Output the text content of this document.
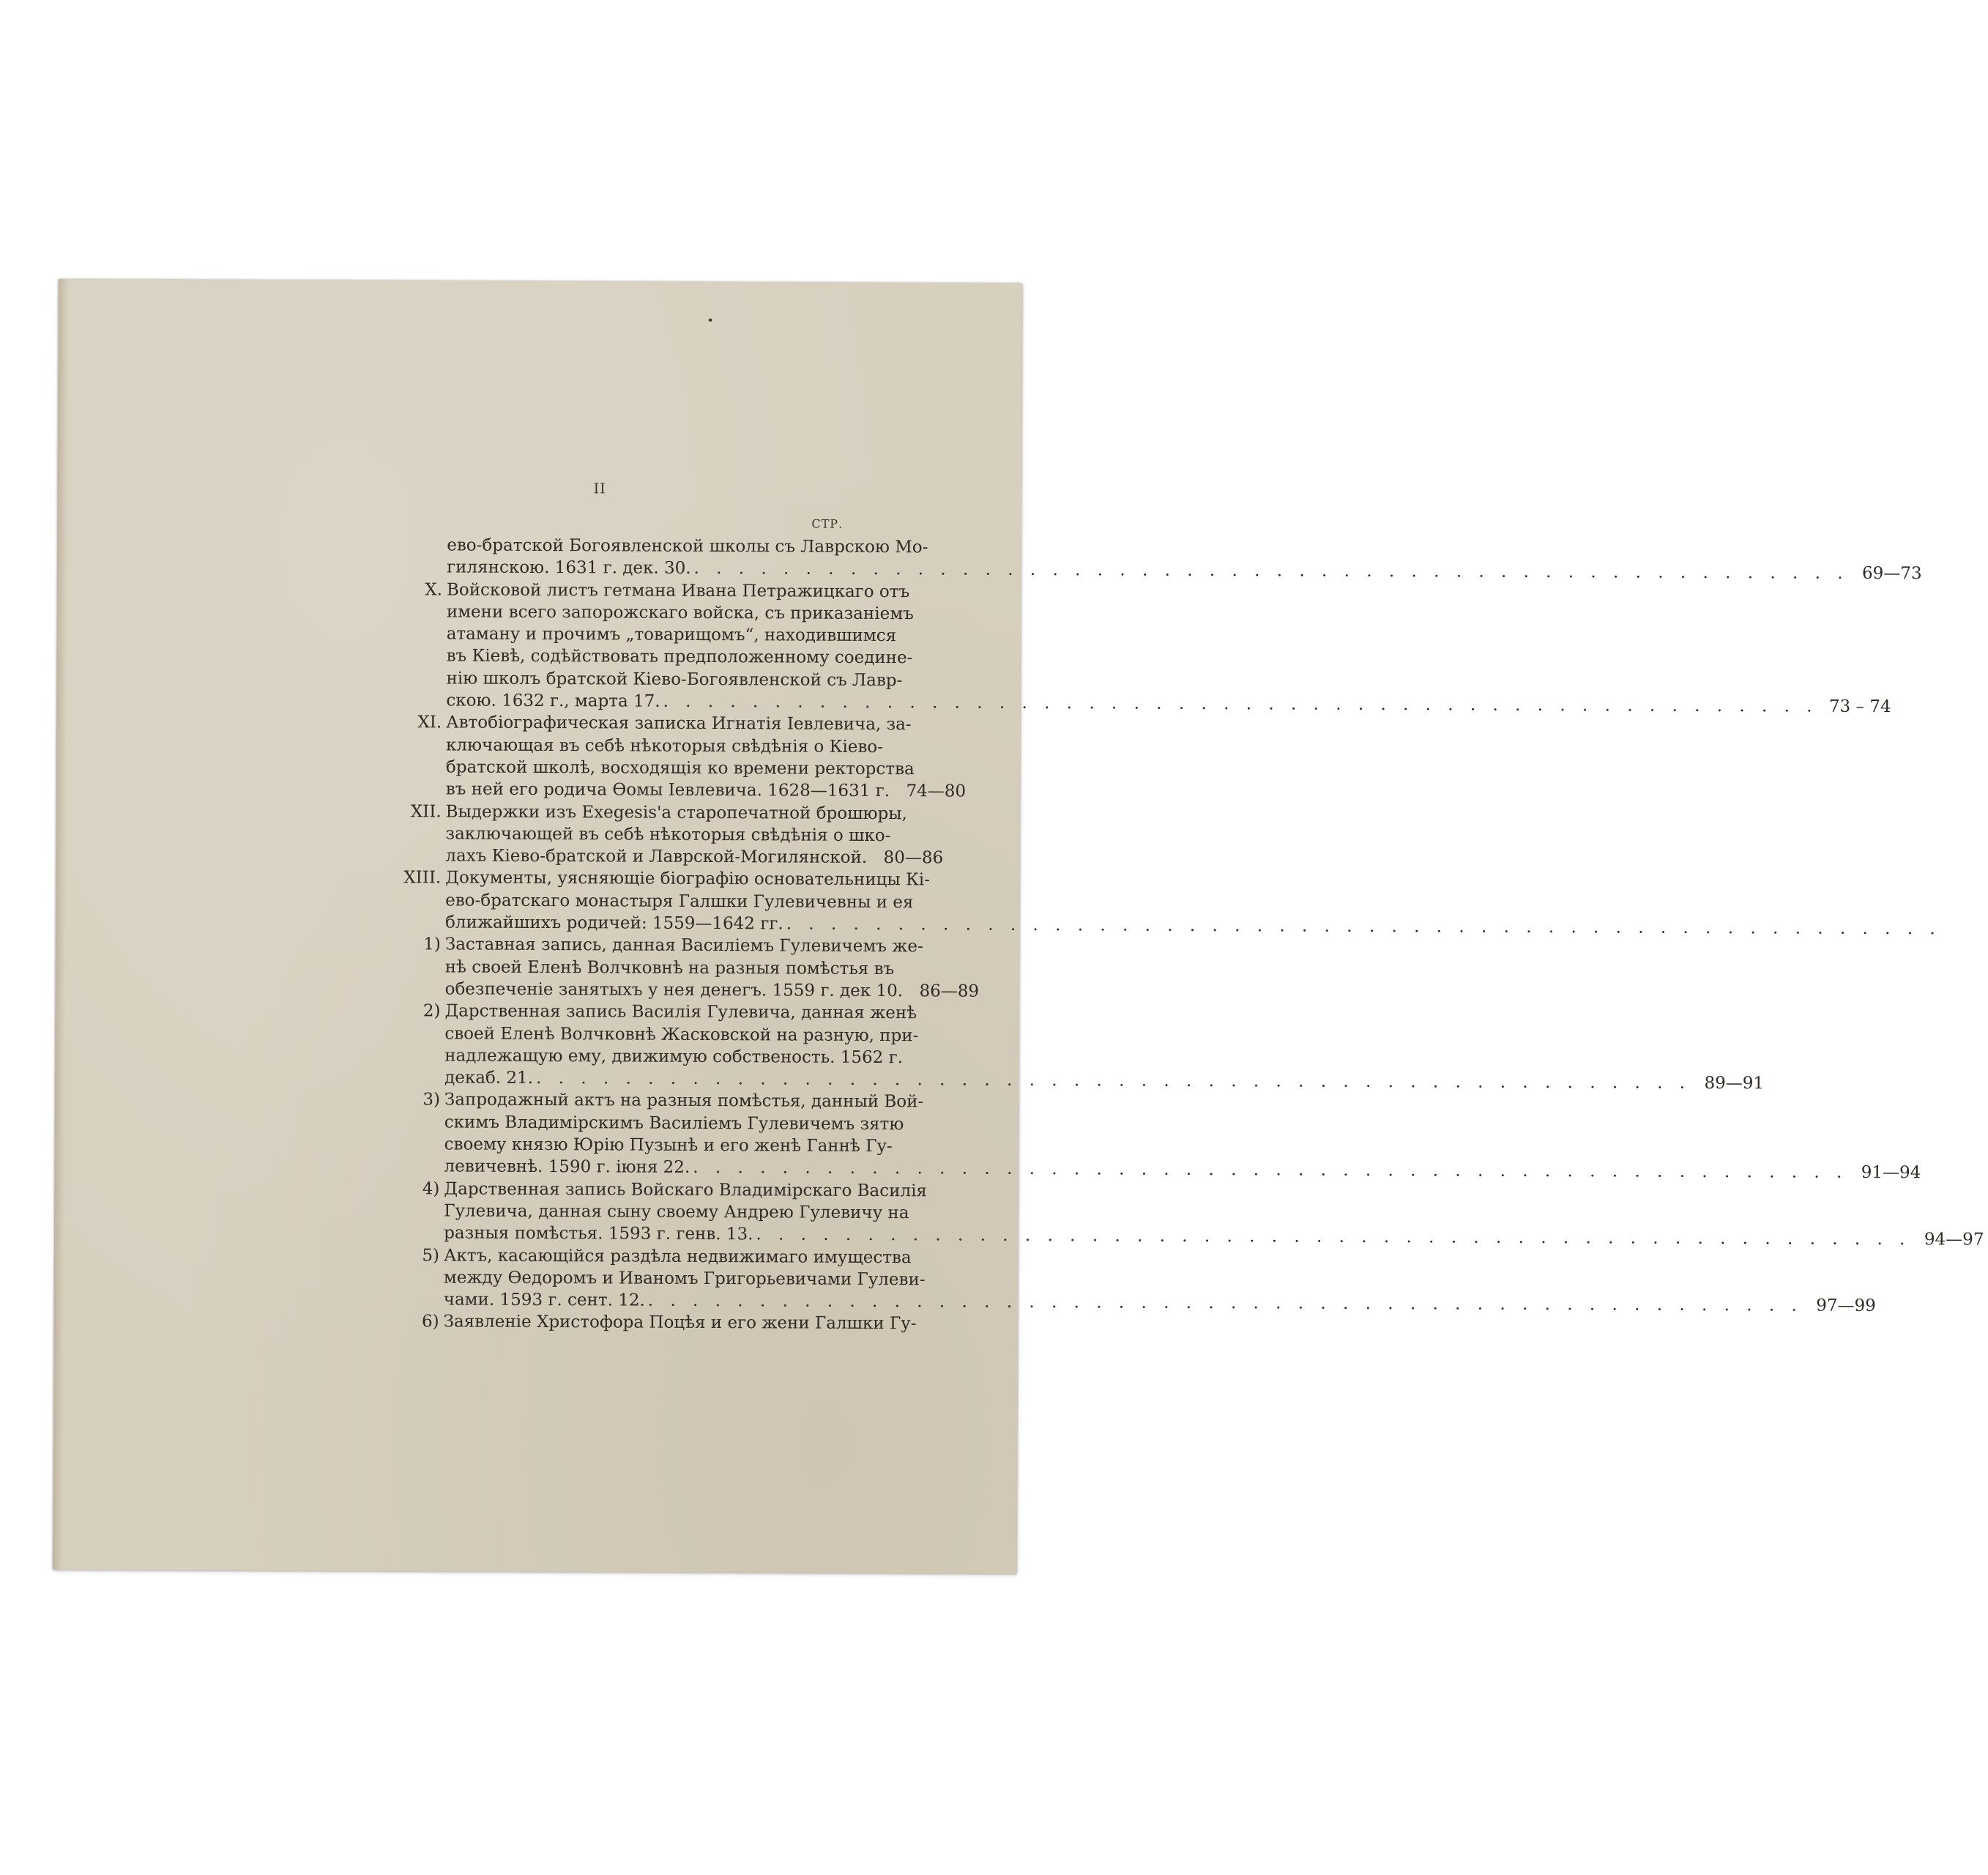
II
СТР.
ево-братской Богоявленской школы съ Лаврскою Мо-
гилянскою. 1631 г. дек. 30. . . .	69—73
X. Войсковой листъ гетмана Ивана Петражицкаго отъ
имени всего запорожскаго войска, съ приказаніемъ
атаману и прочимъ „товарищомъ“, находившимся
въ Кіевѣ, содѣйствовать предположенному соедине-
нію школъ братской Кіево-Богоявленской съ Лавр-
скою. 1632 г., марта 17. . . .	73 – 74
XI. Автобіографическая записка Игнатія Іевлевича, за-
ключающая въ себѣ нѣкоторыя свѣдѣнія о Кіево-
братской школѣ, восходящія ко времени ректорства
въ ней его родича Ѳомы Іевлевича. 1628—1631 г. . . . 74—80
XII. Выдержки изъ Exegesis'a старопечатной брошюры,
заключающей въ себѣ нѣкоторыя свѣдѣнія о шко-
лахъ Кіево-братской и Лаврской-Могилянской. . . . 80—86
XIII. Документы, уясняющіе біографію основательницы Кі-
ево-братскаго монастыря Галшки Гулевичевны и ея
ближайшихъ родичей: 1559—1642 гг.
. . .
1) Заставная запись, данная Василіемъ Гулевичемъ же-
нѣ своей Еленѣ Волчковнѣ на разныя помѣстья въ
обезпеченіе занятыхъ у нея денегъ. 1559 г. дек 10. . . . 86—89
2) Дарственная запись Василія Гулевича, данная женѣ
своей Еленѣ Волчковнѣ Жасковской на разную, при-
надлежащую ему, движимую собственость. 1562 г.
декаб. 21. . . .	89—91
3) Запродажный актъ на разныя помѣстья, данный Вой-
скимъ Владимірскимъ Василіемъ Гулевичемъ зятю
своему князю Юрію Пузынѣ и его женѣ Ганнѣ Гу-
левичевнѣ. 1590 г. іюня 22. . . .	91—94
4) Дарственная запись Войскаго Владимірскаго Василія
Гулевича, данная сыну своему Андрею Гулевичу на
разныя помѣстья. 1593 г. генв. 13. . . .	94—97
5) Актъ, касающійся раздѣла недвижимаго имущества
между Ѳедоромъ и Иваномъ Григорьевичами Гулеви-
чами. 1593 г. сент. 12. . . .	97—99
6) Заявленіе Христофора Поцѣя и его жени Галшки Гу-
